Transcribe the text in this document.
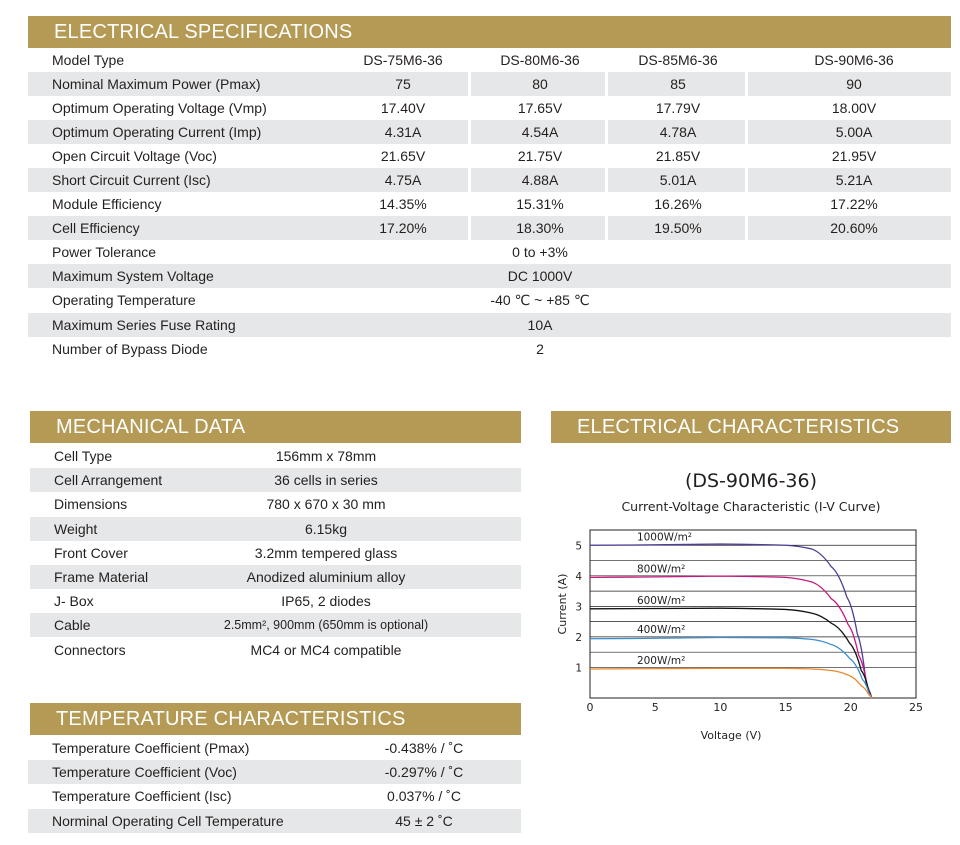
ELECTRICAL SPECIFICATIONS
Model Type	DS-75M6-36	DS-80M6-36	DS-85M6-36	DS-90M6-36
Nominal Maximum Power (Pmax)	75	80	85	90
Optimum Operating Voltage (Vmp)	17.40V	17.65V	17.79V	18.00V
Optimum Operating Current (Imp)	4.31A	4.54A	4.78A	5.00A
Open Circuit Voltage (Voc)	21.65V	21.75V	21.85V	21.95V
Short Circuit Current (Isc)	4.75A	4.88A	5.01A	5.21A
Module Efficiency	14.35%	15.31%	16.26%	17.22%
Cell Efficiency	17.20%	18.30%	19.50%	20.60%
Power Tolerance	0 to +3%
Maximum System Voltage	DC 1000V
Operating Temperature	-40 ℃ ~ +85 ℃
Maximum Series Fuse Rating	10A
Number of Bypass Diode	2
MECHANICAL DATA
Cell Type	156mm x 78mm
Cell Arrangement	36 cells in series
Dimensions	780 x 670 x 30 mm
Weight	6.15kg
Front Cover	3.2mm tempered glass
Frame Material	Anodized aluminium alloy
J- Box	IP65, 2 diodes
Cable	2.5mm², 900mm (650mm is optional)
Connectors	MC4 or MC4 compatible
TEMPERATURE CHARACTERISTICS
Temperature Coefficient (Pmax)	-0.438% / ˚C
Temperature Coefficient (Voc)	-0.297% / ˚C
Temperature Coefficient (Isc)	0.037% / ˚C
Norminal Operating Cell Temperature	45 ± 2 ˚C
ELECTRICAL CHARACTERISTICS
(DS-90M6-36)
Current-Voltage Characteristic (I-V Curve)
1
2
3
4
5
0	5	10	15	20	25
Voltage (V)
Current (A)
1000W/m²
800W/m²
600W/m²
400W/m²
200W/m²
